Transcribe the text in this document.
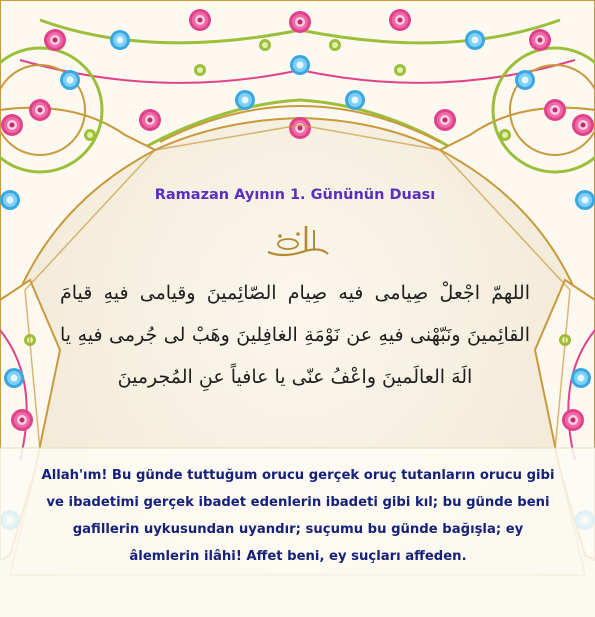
Ramazan Ayının 1. Gününün Duası

اللهمّ اجْعلْ صِيامی فيه صِيام الصّائِمينَ وقيامی فيهِ قيامَ القائِمينَ ونَبّهْنی فيهِ عن نَوْمَةِ الغافِلينَ وهَبْ لی جُرمی فيهِ يا الَهَ العالَمينَ واعْفُ عنّی يا عافياً عنِ المُجرمينَ

Allah'ım! Bu günde tuttuğum orucu gerçek oruç tutanların orucu gibi ve ibadetimi gerçek ibadet edenlerin ibadeti gibi kıl; bu günde beni gafillerin uykusundan uyandır; suçumu bu günde bağışla; ey âlemlerin ilâhi! Affet beni, ey suçları affeden.
